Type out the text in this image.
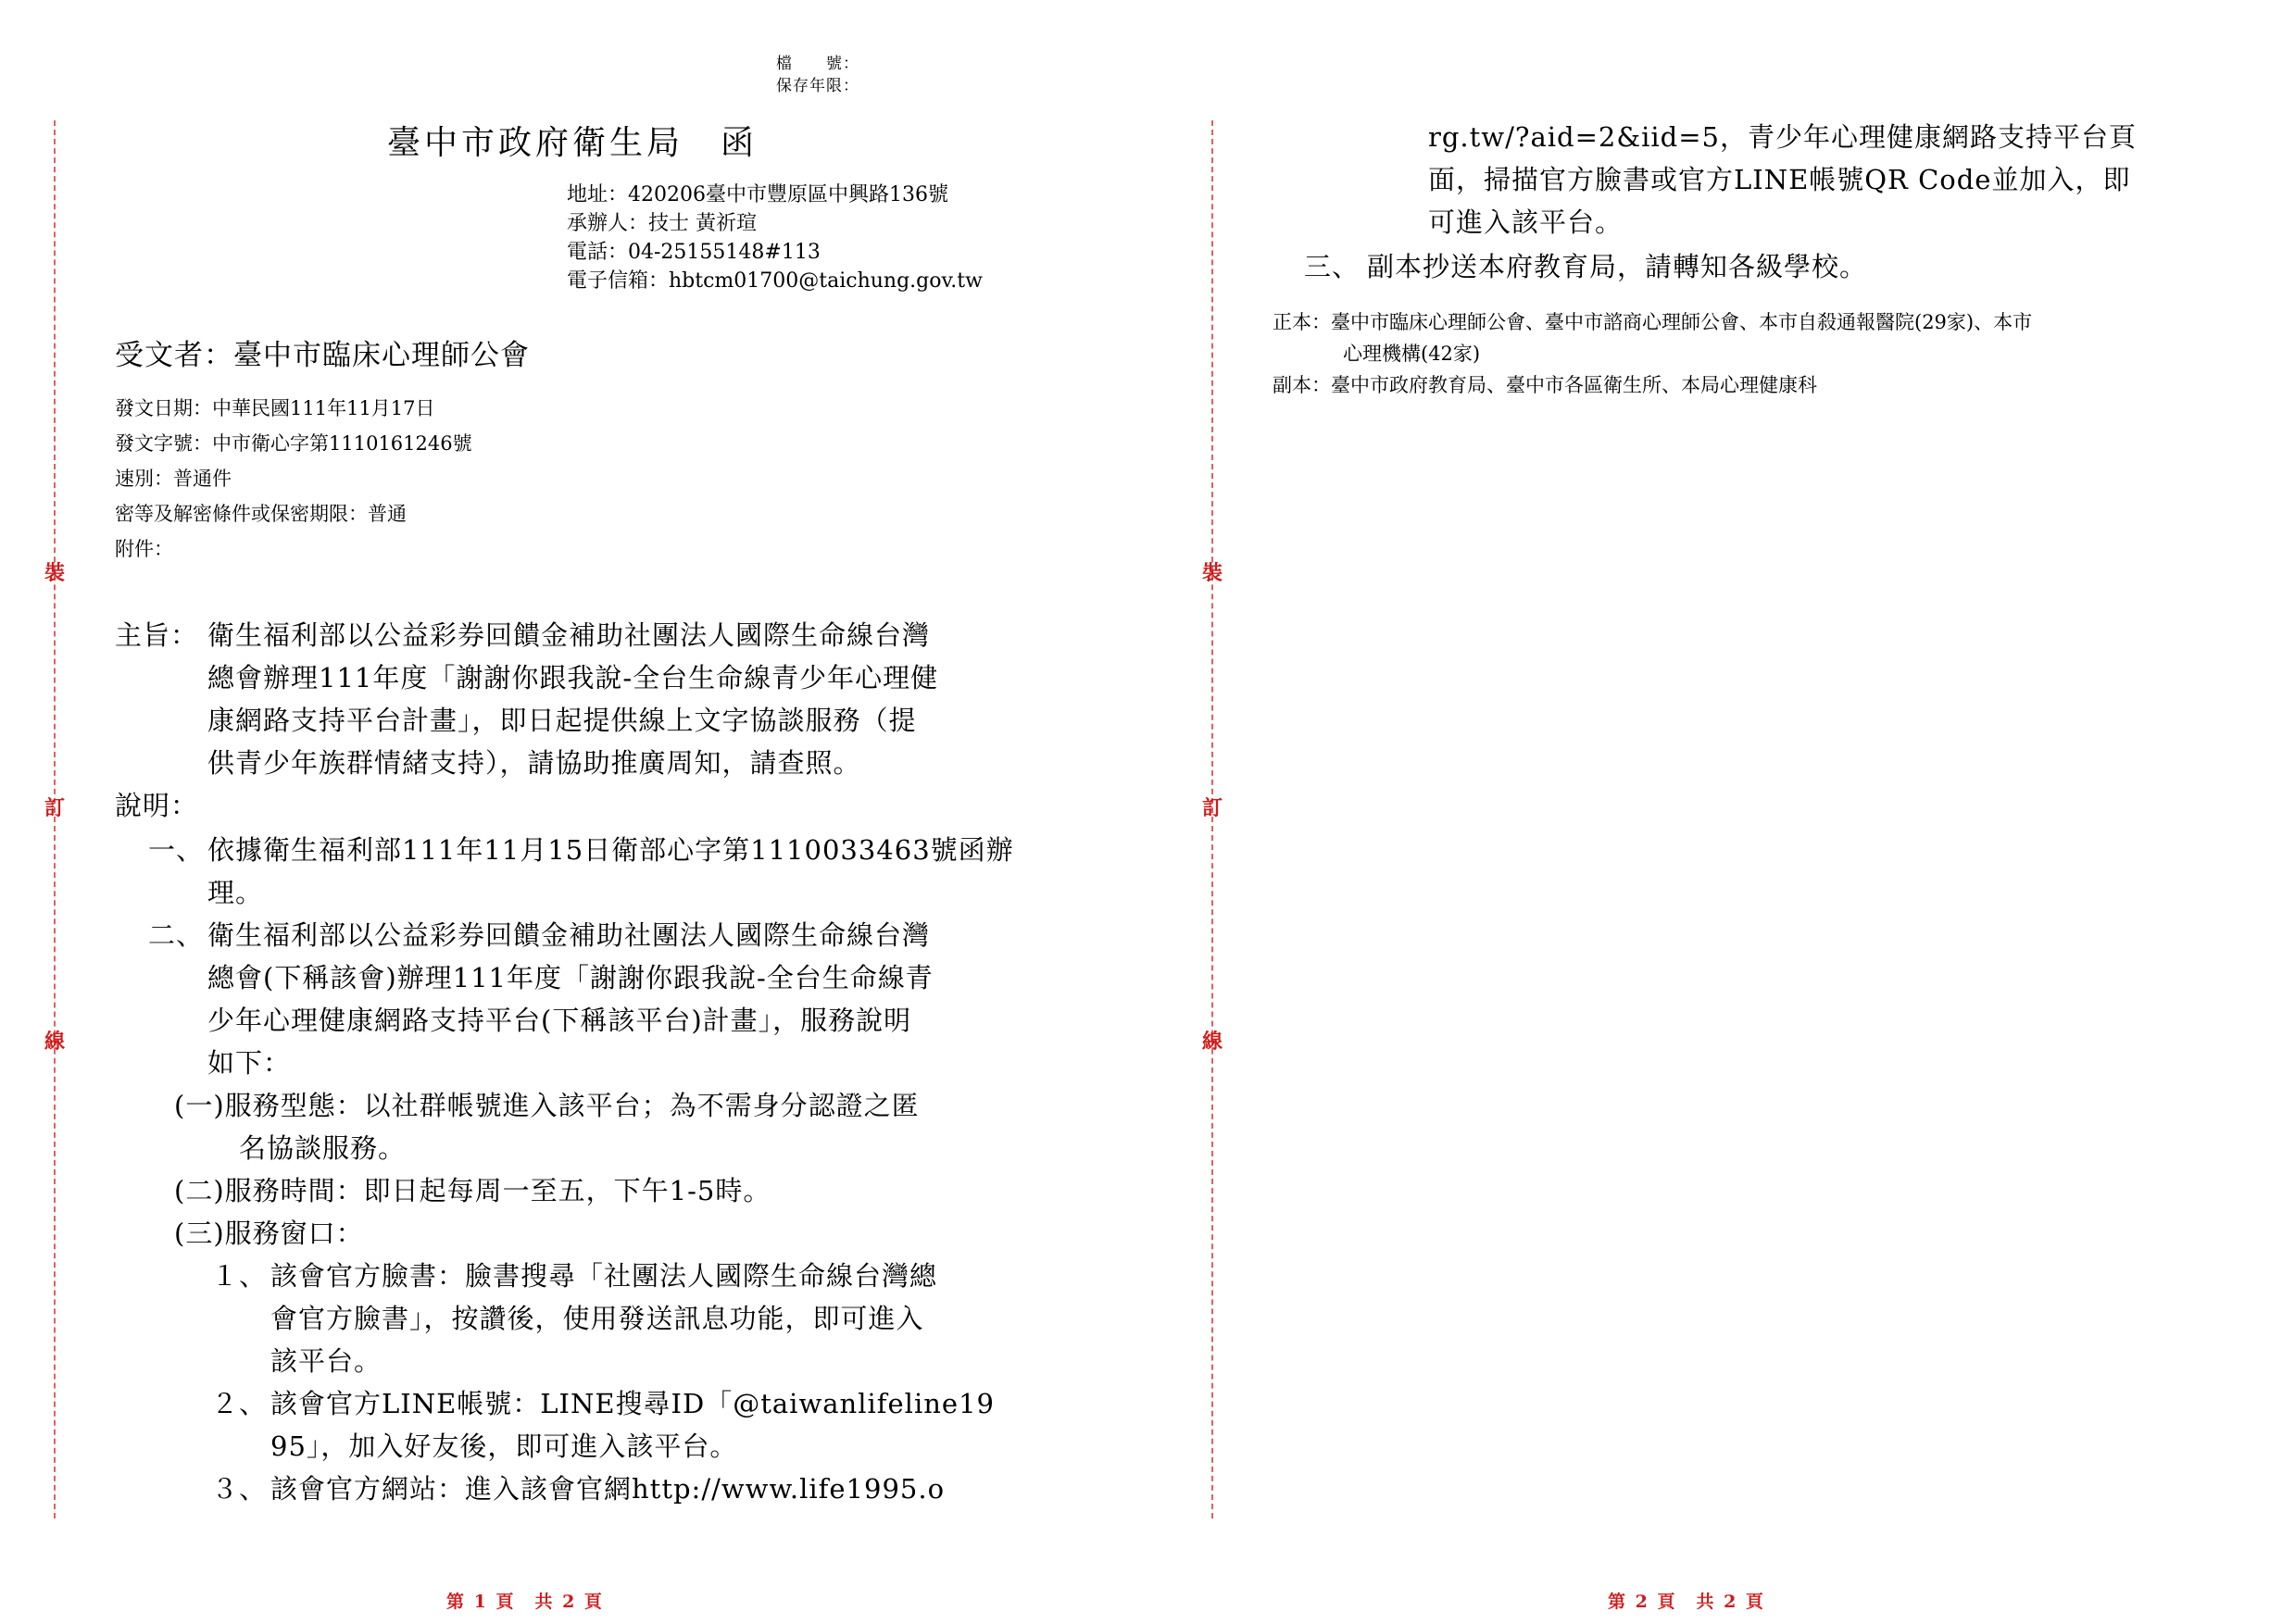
檔　　號：
保存年限：
裝
訂
線
裝
訂
線
臺中市政府衛生局　函
地址：420206臺中市豐原區中興路136號
承辦人：技士 黃祈瑄
電話：04-25155148#113
電子信箱：hbtcm01700@taichung.gov.tw
受文者：臺中市臨床心理師公會
發文日期：中華民國111年11月17日
發文字號：中市衛心字第1110161246號
速別：普通件
密等及解密條件或保密期限：普通
附件：
主旨： 衛生福利部以公益彩券回饋金補助社團法人國際生命線台灣
總會辦理111年度「謝謝你跟我說-全台生命線青少年心理健
康網路支持平台計畫」，即日起提供線上文字協談服務（提
供青少年族群情緒支持），請協助推廣周知，請查照。
說明：
一、 依據衛生福利部111年11月15日衛部心字第1110033463號函辦
理。
二、 衛生福利部以公益彩券回饋金補助社團法人國際生命線台灣
總會(下稱該會)辦理111年度「謝謝你跟我說-全台生命線青
少年心理健康網路支持平台(下稱該平台)計畫」，服務說明
如下：
(一)服務型態：以社群帳號進入該平台；為不需身分認證之匿
名協談服務。
(二)服務時間：即日起每周一至五，下午1-5時。
(三)服務窗口：
１、 該會官方臉書：臉書搜尋「社團法人國際生命線台灣總
會官方臉書」，按讚後，使用發送訊息功能，即可進入
該平台。
２、 該會官方LINE帳號：LINE搜尋ID「@taiwanlifeline19
95」，加入好友後，即可進入該平台。
３、 該會官方網站：進入該會官網http://www.life1995.o
rg.tw/?aid=2&iid=5，青少年心理健康網路支持平台頁
面，掃描官方臉書或官方LINE帳號QR Code並加入，即
可進入該平台。
三、 副本抄送本府教育局，請轉知各級學校。
正本：臺中市臨床心理師公會、臺中市諮商心理師公會、本市自殺通報醫院(29家)、本市
心理機構(42家)
副本：臺中市政府教育局、臺中市各區衛生所、本局心理健康科
第 1 頁　共 2 頁	第 2 頁　共 2 頁
